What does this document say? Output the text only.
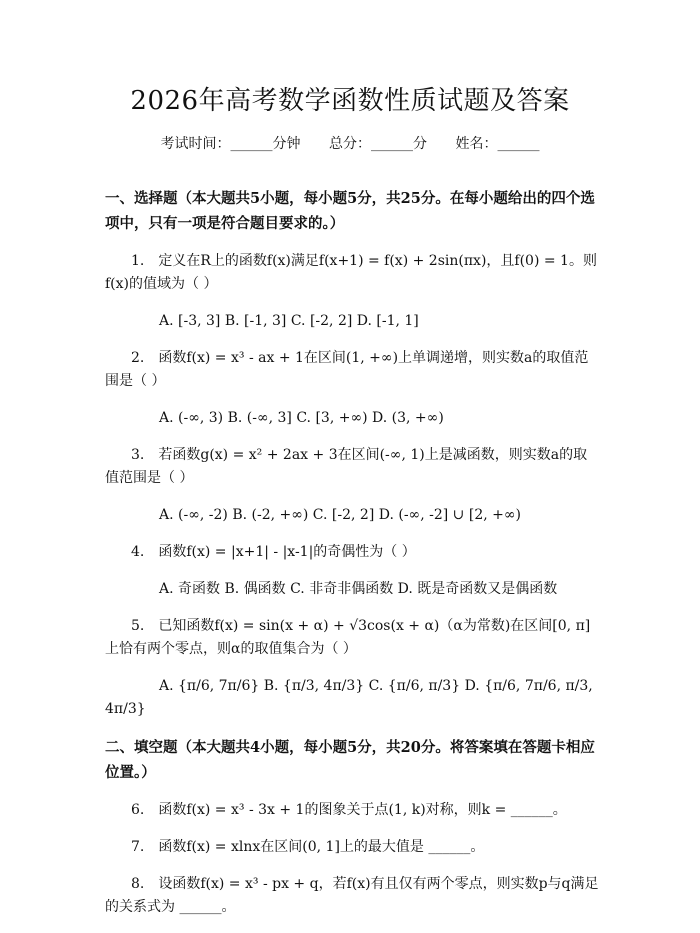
2026年高考数学函数性质试题及答案
考试时间：______分钟 总分：______分 姓名：______
一、选择题（本大题共5小题，每小题5分，共25分。在每小题给出的四个选项中，只有一项是符合题目要求的。）
1.　定义在R上的函数f(x)满足f(x+1) = f(x) + 2sin(πx)，且f(0) = 1。则f(x)的值域为（ ）
A. [-3, 3] B. [-1, 3] C. [-2, 2] D. [-1, 1]
2.　函数f(x) = x³ - ax + 1在区间(1, +∞)上单调递增，则实数a的取值范围是（ ）
A. (-∞, 3) B. (-∞, 3] C. [3, +∞) D. (3, +∞)
3.　若函数g(x) = x² + 2ax + 3在区间(-∞, 1)上是减函数，则实数a的取值范围是（ ）
A. (-∞, -2) B. (-2, +∞) C. [-2, 2] D. (-∞, -2] ∪ [2, +∞)
4.　函数f(x) = |x+1| - |x-1|的奇偶性为（ ）
A. 奇函数 B. 偶函数 C. 非奇非偶函数 D. 既是奇函数又是偶函数
5.　已知函数f(x) = sin(x + α) + √3cos(x + α)（α为常数)在区间[0, π]上恰有两个零点，则α的取值集合为（ ）
A. {π/6, 7π/6} B. {π/3, 4π/3} C. {π/6, π/3} D. {π/6, 7π/6, π/3, 4π/3}
二、填空题（本大题共4小题，每小题5分，共20分。将答案填在答题卡相应位置。）
6.　函数f(x) = x³ - 3x + 1的图象关于点(1, k)对称，则k = ______。
7.　函数f(x) = xlnx在区间(0, 1]上的最大值是 ______。
8.　设函数f(x) = x³ - px + q，若f(x)有且仅有两个零点，则实数p与q满足的关系式为 ______。
